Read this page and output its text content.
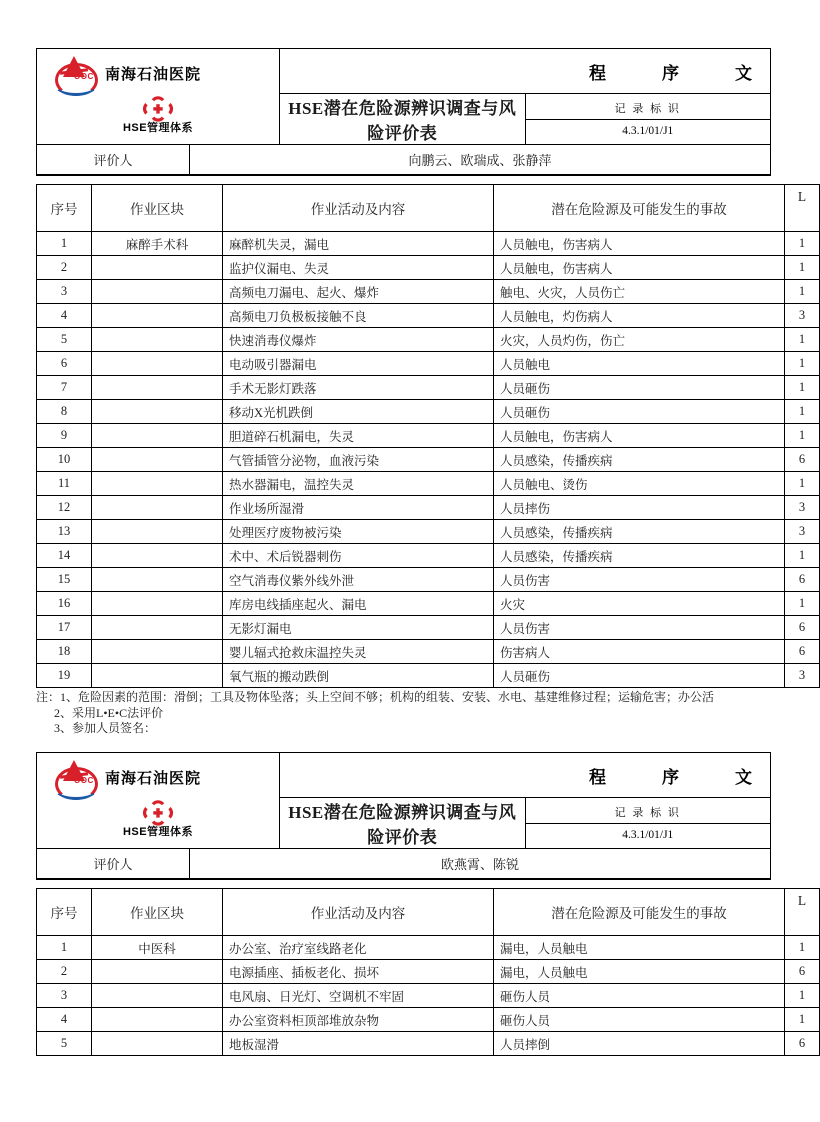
OOC 南海石油医院
HSE管理体系

程	序	文

HSE潜在危险源辨识调查与风险评价表	
记 录 标 识
4.3.1/01/J1
评价人	向鹏云、欧瑞成、张静萍
序号	作业区块	作业活动及内容	潜在危险源及可能发生的事故	L

1	麻醉手术科	麻醉机失灵，漏电	人员触电，伤害病人	1
2		监护仪漏电、失灵	人员触电，伤害病人	1
3		高频电刀漏电、起火、爆炸	触电、火灾，人员伤亡	1
4		高频电刀负极板接触不良	人员触电，灼伤病人	3
5		快速消毒仪爆炸	火灾，人员灼伤，伤亡	1
6		电动吸引器漏电	人员触电	1
7		手术无影灯跌落	人员砸伤	1
8		移动X光机跌倒	人员砸伤	1
9		胆道碎石机漏电，失灵	人员触电，伤害病人	1
10		气管插管分泌物，血液污染	人员感染，传播疾病	6
11		热水器漏电，温控失灵	人员触电、烫伤	1
12		作业场所湿滑	人员摔伤	3
13		处理医疗废物被污染	人员感染，传播疾病	3
14		术中、术后锐器刺伤	人员感染，传播疾病	1
15		空气消毒仪紫外线外泄	人员伤害	6
16		库房电线插座起火、漏电	火灾	1
17		无影灯漏电	人员伤害	6
18		婴儿辐式抢救床温控失灵	伤害病人	6
19		氧气瓶的搬动跌倒	人员砸伤	3
注：1、危险因素的范围：滑倒；工具及物体坠落；头上空间不够；机构的组装、安装、水电、基建维修过程；运输危害；办公活
2、采用L•E•C法评价
3、参加人员签名：
OOC 南海石油医院
HSE管理体系

程	序	文

HSE潜在危险源辨识调查与风险评价表	
记 录 标 识
4.3.1/01/J1
评价人	欧燕霄、陈锐
序号	作业区块	作业活动及内容	潜在危险源及可能发生的事故	L

1	中医科	办公室、治疗室线路老化	漏电，人员触电	1
2		电源插座、插板老化、损坏	漏电，人员触电	6
3		电风扇、日光灯、空调机不牢固	砸伤人员	1
4		办公室资料柜顶部堆放杂物	砸伤人员	1
5		地板湿滑	人员摔倒	6
